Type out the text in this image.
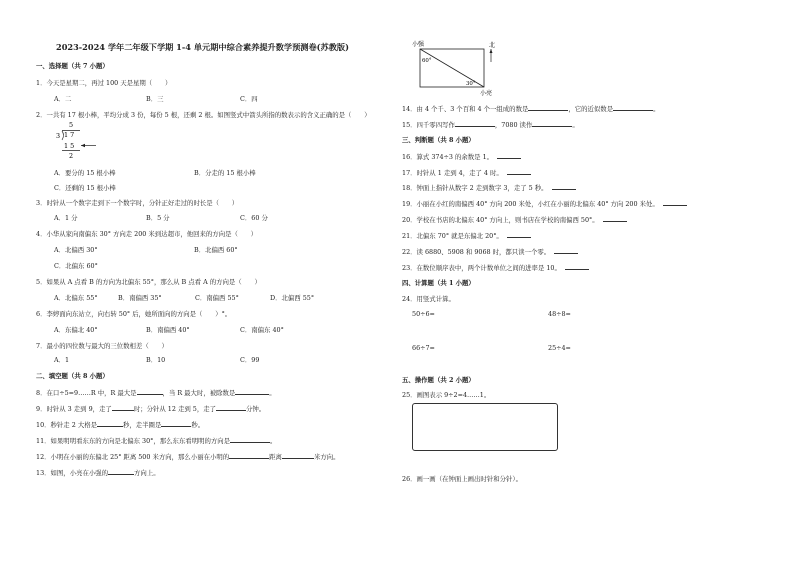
2023-2024 学年二年级下学期 1-4 单元期中综合素养提升数学预测卷(苏教版)
一、选择题（共 7 小题）
1．今天是星期二，再过 100 天是星期（　　）
A．二	B．三	C．四
2．一共有 17 根小棒，平均分成 3 份，每份 5 根，还剩 2 根。如图竖式中箭头所指的数表示的含义正确的是（　　）
5
3 1 7
1 5
2
A．要分的 15 根小棒	B．分走的 15 根小棒
C．还剩的 15 根小棒
3．时针从一个数字走到下一个数字时，分针正好走过的时长是（　　）
A．1 分	B．5 分	C．60 分
4．小华从家向南偏东 30° 方向走 200 米到达超市，他回来的方向是（　　）
A．北偏西 30°	B．北偏西 60°
C．北偏东 60°
5．如果从 A 点看 B 的方向为北偏东 55°，那么从 B 点看 A 的方向是（　　）
A．北偏东 55°	B．南偏西 35°	C．南偏西 55°	D．北偏西 55°
6．李婷面向东站立，向右转 50° 后，她所面向的方向是（　　）°。
A．东偏北 40°	B．南偏西 40°	C．南偏东 40°
7．最小的四位数与最大的三位数相差（　　）
A．1	B．10	C．99
二、填空题（共 8 小题）
8．在口÷5=9……R 中，R 最大是	，当 R 最大时，被除数是	。
9．时针从 3 走到 9，走了	时；分针从 12 走到 5，走了	分钟。
10．秒针走 2 大格是	秒，走半圈是	秒。
11．如果明明看东东的方向是北偏东 30°，那么东东看明明的方向是	。
12．小明在小丽的东偏北 25° 距离 500 米方向，那么小丽在小明的	距离	米方向。
13．如图，小亮在小强的	方向上。
小强	北
60°
30°
小亮
14．由 4 个千、3 个百和 4 个一组成的数是	，它的近似数是	。
15．四千零四写作	，7080 读作	。
三、判断题（共 8 小题）
16．算式 374÷3 的余数是 1。
17．时针从 1 走到 4，走了 4 时。
18．钟面上指针从数字 2 走到数字 3，走了 5 秒。
19．小丽在小红的南偏西 40° 方向 200 米处，小红在小丽的北偏东 40° 方向 200 米处。
20．学校在书店的北偏东 40° 方向上，则书店在学校的南偏西 50°。
21．北偏东 70° 就是东偏北 20°。
22．读 6880、5908 和 9068 时，都只读一个零。
23．在数位顺序表中，两个计数单位之间的进率是 10。
四、计算题（共 1 小题）
24．用竖式计算。
50÷6=	48÷8=
66÷7=	25÷4=
五、操作题（共 2 小题）
25．画图表示 9÷2=4……1。
26．画一画（在钟面上画出时针和分针）。
